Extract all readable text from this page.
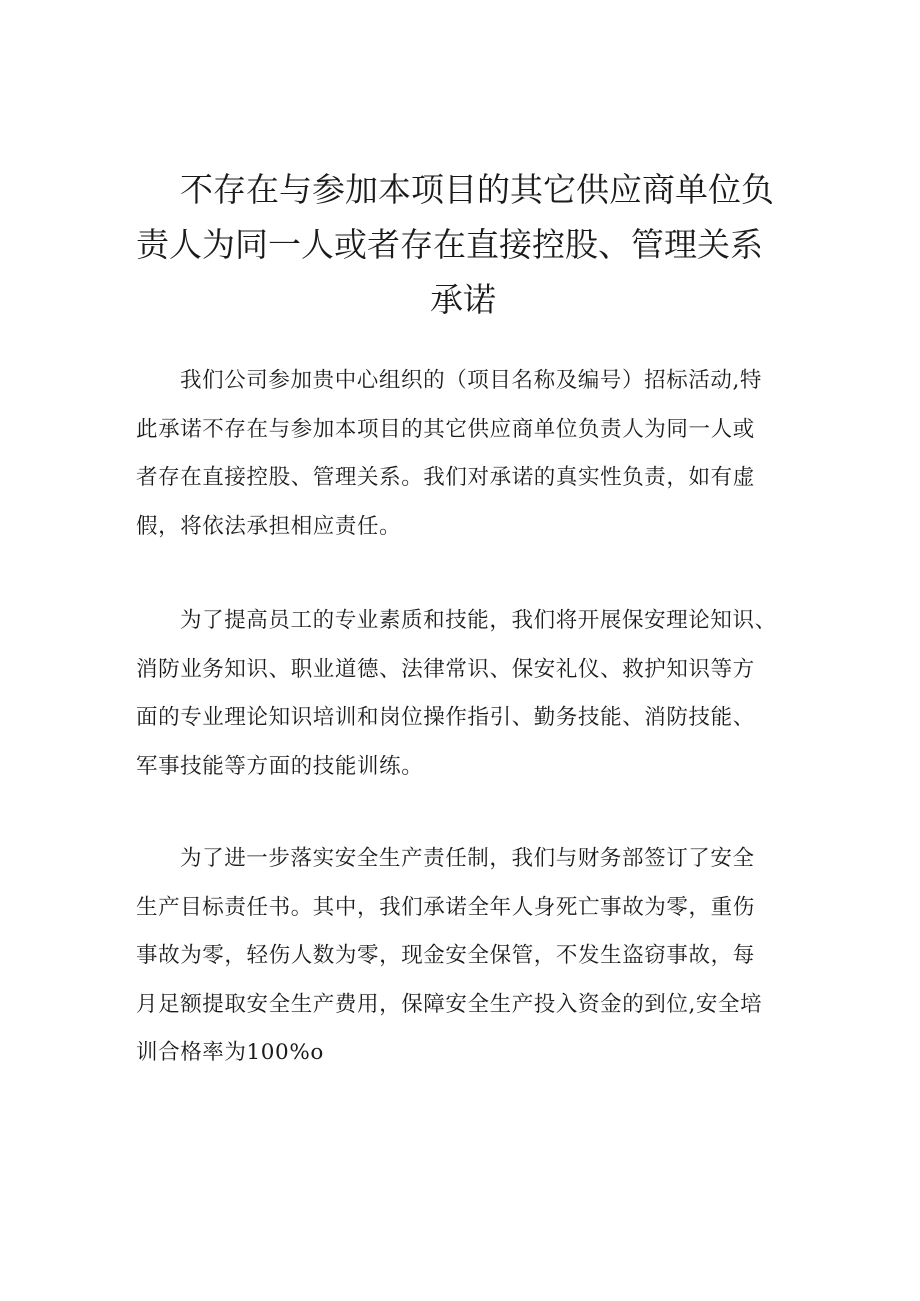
不存在与参加本项目的其它供应商单位负
责人为同一人或者存在直接控股、管理关系
承诺

我们公司参加贵中心组织的（项目名称及编号）招标活动,特
此承诺不存在与参加本项目的其它供应商单位负责人为同一人或
者存在直接控股、管理关系。我们对承诺的真实性负责，如有虚
假，将依法承担相应责任。

为了提高员工的专业素质和技能，我们将开展保安理论知识、
消防业务知识、职业道德、法律常识、保安礼仪、救护知识等方
面的专业理论知识培训和岗位操作指引、勤务技能、消防技能、
军事技能等方面的技能训练。

为了进一步落实安全生产责任制，我们与财务部签订了安全
生产目标责任书。其中，我们承诺全年人身死亡事故为零，重伤
事故为零，轻伤人数为零，现金安全保管，不发生盗窃事故，每
月足额提取安全生产费用，保障安全生产投入资金的到位,安全培
训合格率为100%o
